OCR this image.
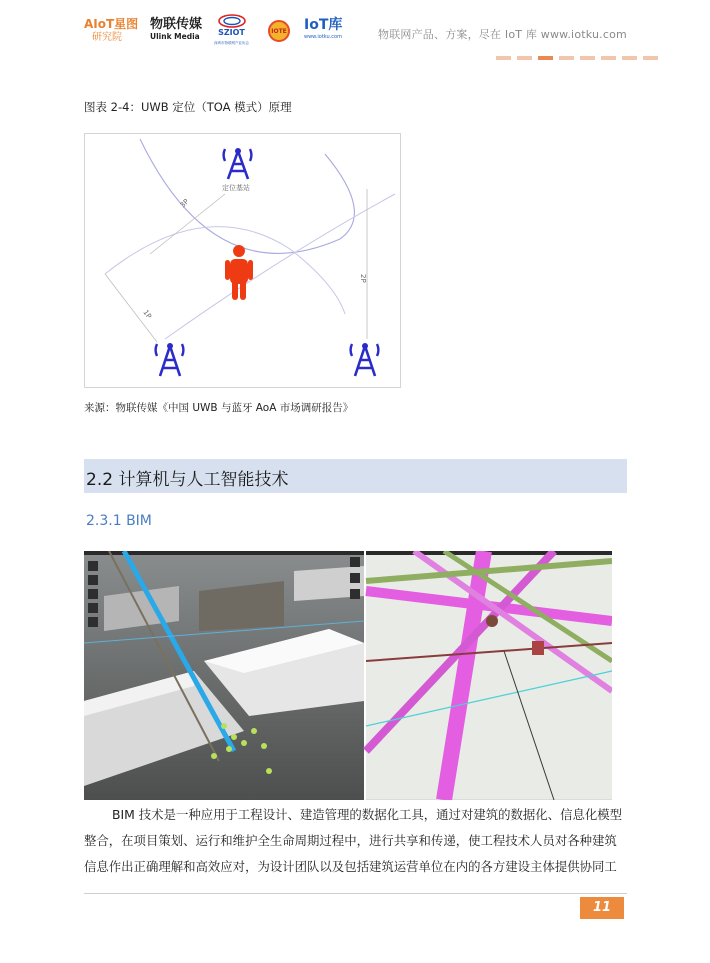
AIoT星图
研究院
物联传媒
Ulink Media	SZIOT
深圳市物联网产业协会
IOTE IoT库
www.iotku.com	物联网产品、方案，尽在 IoT 库 www.iotku.com
图表 2-4：UWB 定位（TOA 模式）原理
定位基站
3P
2P
1P
来源：物联传媒《中国 UWB 与蓝牙 AoA 市场调研报告》
2.2 计算机与人工智能技术
2.3.1 BIM
BIM 技术是一种应用于工程设计、建造管理的数据化工具，通过对建筑的数据化、信息化模型
整合，在项目策划、运行和维护全生命周期过程中，进行共享和传递，使工程技术人员对各种建筑
信息作出正确理解和高效应对，为设计团队以及包括建筑运营单位在内的各方建设主体提供协同工
11
